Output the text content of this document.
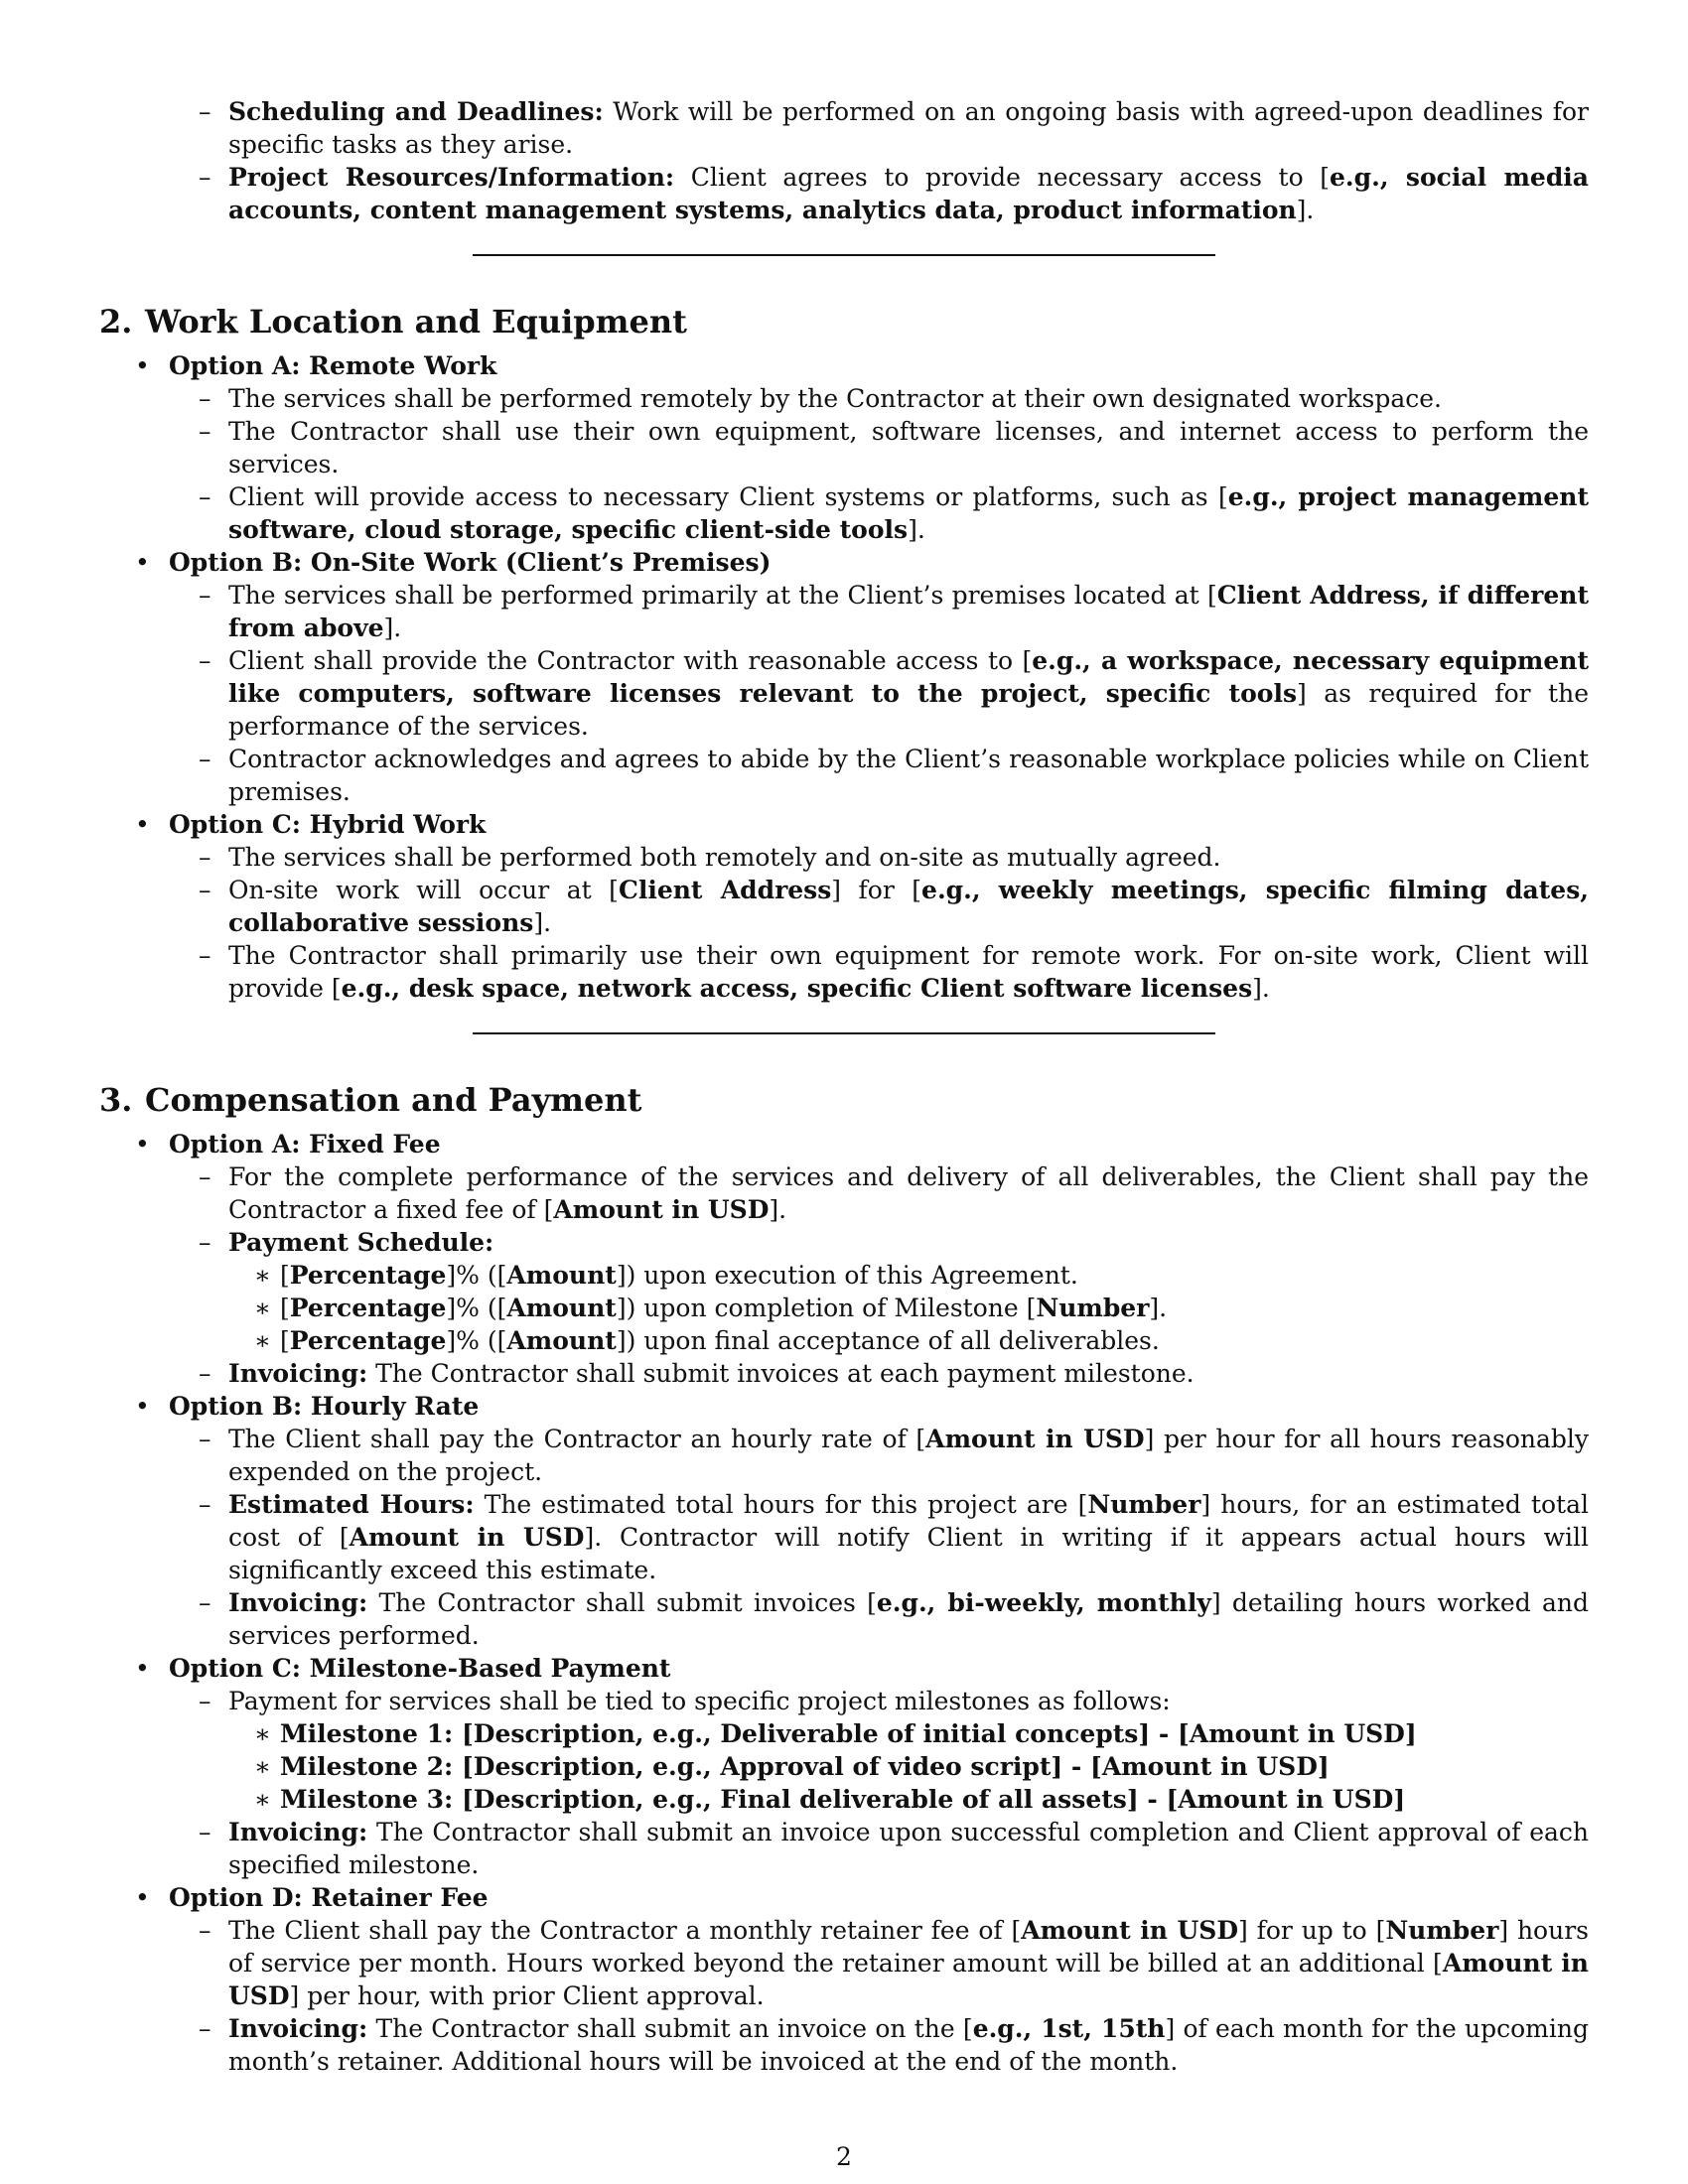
– Scheduling and Deadlines: Work will be performed on an ongoing basis with agreed-upon deadlines for specific tasks as they arise.
– Project Resources/Information: Client agrees to provide necessary access to [e.g., social media accounts, content management systems, analytics data, product information].
2. Work Location and Equipment
• Option A: Remote Work
– The services shall be performed remotely by the Contractor at their own designated workspace.
– The Contractor shall use their own equipment, software licenses, and internet access to perform the services.
– Client will provide access to necessary Client systems or platforms, such as [e.g., project management software, cloud storage, specific client-side tools].
• Option B: On-Site Work (Client’s Premises)
– The services shall be performed primarily at the Client’s premises located at [Client Address, if different from above].
– Client shall provide the Contractor with reasonable access to [e.g., a workspace, necessary equipment like computers, software licenses relevant to the project, specific tools] as required for the performance of the services.
– Contractor acknowledges and agrees to abide by the Client’s reasonable workplace policies while on Client premises.
• Option C: Hybrid Work
– The services shall be performed both remotely and on-site as mutually agreed.
– On-site work will occur at [Client Address] for [e.g., weekly meetings, specific filming dates, collaborative sessions].
– The Contractor shall primarily use their own equipment for remote work. For on-site work, Client will provide [e.g., desk space, network access, specific Client software licenses].
3. Compensation and Payment
• Option A: Fixed Fee
– For the complete performance of the services and delivery of all deliverables, the Client shall pay the Contractor a fixed fee of [Amount in USD].
– Payment Schedule:
∗ [Percentage]% ([Amount]) upon execution of this Agreement.
∗ [Percentage]% ([Amount]) upon completion of Milestone [Number].
∗ [Percentage]% ([Amount]) upon final acceptance of all deliverables.
– Invoicing: The Contractor shall submit invoices at each payment milestone.
• Option B: Hourly Rate
– The Client shall pay the Contractor an hourly rate of [Amount in USD] per hour for all hours reasonably expended on the project.
– Estimated Hours: The estimated total hours for this project are [Number] hours, for an estimated total cost of [Amount in USD]. Contractor will notify Client in writing if it appears actual hours will significantly exceed this estimate.
– Invoicing: The Contractor shall submit invoices [e.g., bi-weekly, monthly] detailing hours worked and services performed.
• Option C: Milestone-Based Payment
– Payment for services shall be tied to specific project milestones as follows:
∗ Milestone 1: [Description, e.g., Deliverable of initial concepts] - [Amount in USD]
∗ Milestone 2: [Description, e.g., Approval of video script] - [Amount in USD]
∗ Milestone 3: [Description, e.g., Final deliverable of all assets] - [Amount in USD]
– Invoicing: The Contractor shall submit an invoice upon successful completion and Client approval of each specified milestone.
• Option D: Retainer Fee
– The Client shall pay the Contractor a monthly retainer fee of [Amount in USD] for up to [Number] hours of service per month. Hours worked beyond the retainer amount will be billed at an additional [Amount in USD] per hour, with prior Client approval.
– Invoicing: The Contractor shall submit an invoice on the [e.g., 1st, 15th] of each month for the upcoming month’s retainer. Additional hours will be invoiced at the end of the month.
2
